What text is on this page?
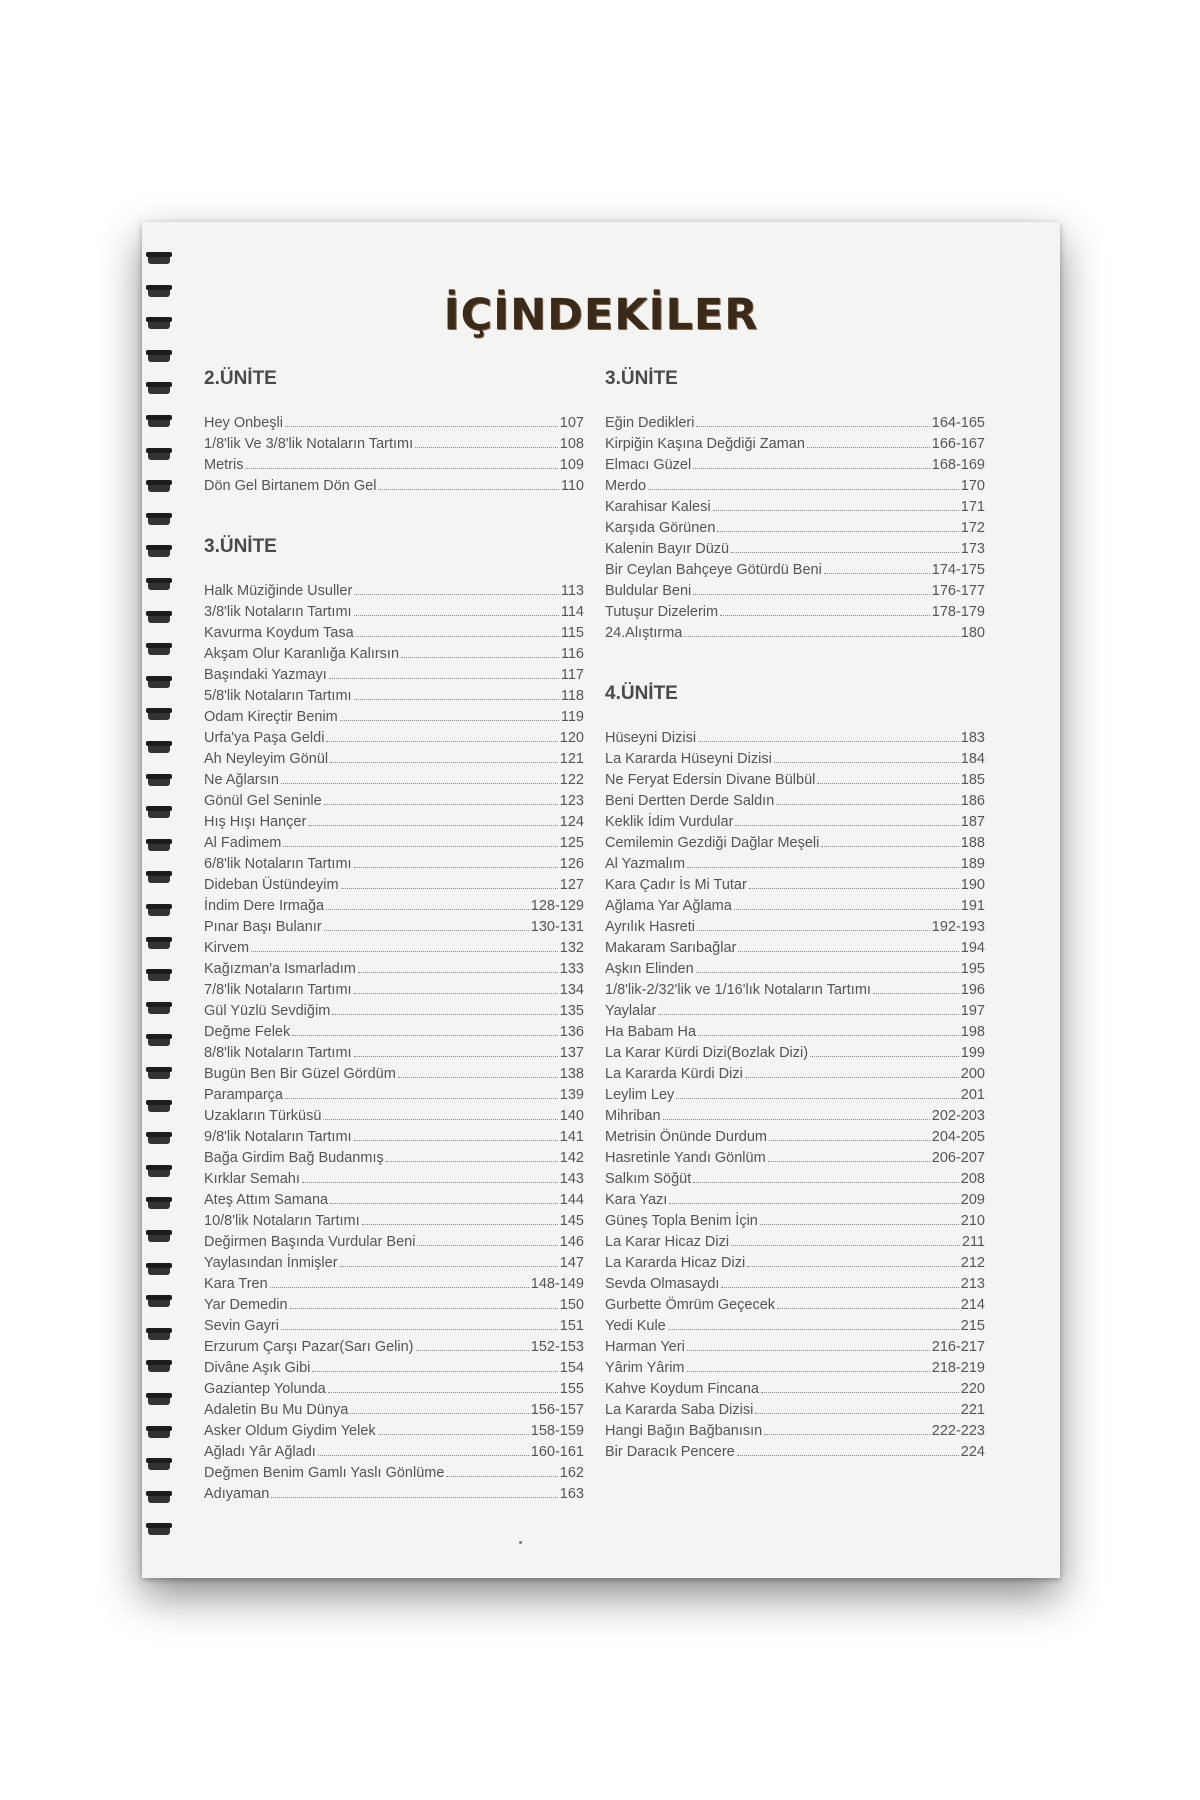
İÇİNDEKİLER
2.ÜNİTE
Hey Onbeşli	107
1/8'lik Ve 3/8'lik Notaların Tartımı	108
Metris	109
Dön Gel Birtanem Dön Gel	110
3.ÜNİTE
Halk Müziğinde Usuller	113
3/8'lik Notaların Tartımı	114
Kavurma Koydum Tasa	115
Akşam Olur Karanlığa Kalırsın	116
Başındaki Yazmayı	117
5/8'lik Notaların Tartımı	118
Odam Kireçtir Benim	119
Urfa'ya Paşa Geldi	120
Ah Neyleyim Gönül	121
Ne Ağlarsın	122
Gönül Gel Seninle	123
Hış Hışı Hançer	124
Al Fadimem	125
6/8'lik Notaların Tartımı	126
Dideban Üstündeyim	127
İndim Dere Irmağa	128-129
Pınar Başı Bulanır	130-131
Kirvem	132
Kağızman'a Ismarladım	133
7/8'lik Notaların Tartımı	134
Gül Yüzlü Sevdiğim	135
Değme Felek	136
8/8'lik Notaların Tartımı	137
Bugün Ben Bir Güzel Gördüm	138
Paramparça	139
Uzakların Türküsü	140
9/8'lik Notaların Tartımı	141
Bağa Girdim Bağ Budanmış	142
Kırklar Semahı	143
Ateş Attım Samana	144
10/8'lik Notaların Tartımı	145
Değirmen Başında Vurdular Beni	146
Yaylasından İnmişler	147
Kara Tren	148-149
Yar Demedin	150
Sevin Gayri	151
Erzurum Çarşı Pazar(Sarı Gelin)	152-153
Divâne Aşık Gibi	154
Gaziantep Yolunda	155
Adaletin Bu Mu Dünya	156-157
Asker Oldum Giydim Yelek	158-159
Ağladı Yâr Ağladı	160-161
Değmen Benim Gamlı Yaslı Gönlüme	162
Adıyaman	163
3.ÜNİTE
Eğin Dedikleri	164-165
Kirpiğin Kaşına Değdiği Zaman	166-167
Elmacı Güzel	168-169
Merdo	170
Karahisar Kalesi	171
Karşıda Görünen	172
Kalenin Bayır Düzü	173
Bir Ceylan Bahçeye Götürdü Beni	174-175
Buldular Beni	176-177
Tutuşur Dizelerim	178-179
24.Alıştırma	180
4.ÜNİTE
Hüseyni Dizisi	183
La Kararda Hüseyni Dizisi	184
Ne Feryat Edersin Divane Bülbül	185
Beni Dertten Derde Saldın	186
Keklik İdim Vurdular	187
Cemilemin Gezdiği Dağlar Meşeli	188
Al Yazmalım	189
Kara Çadır İs Mi Tutar	190
Ağlama Yar Ağlama	191
Ayrılık Hasreti	192-193
Makaram Sarıbağlar	194
Aşkın Elinden	195
1/8'lik-2/32'lik ve 1/16'lık Notaların Tartımı	196
Yaylalar	197
Ha Babam Ha	198
La Karar Kürdi Dizi(Bozlak Dizi)	199
La Kararda Kürdi Dizi	200
Leylim Ley	201
Mihriban	202-203
Metrisin Önünde Durdum	204-205
Hasretinle Yandı Gönlüm	206-207
Salkım Söğüt	208
Kara Yazı	209
Güneş Topla Benim İçin	210
La Karar Hicaz Dizi	211
La Kararda Hicaz Dizi	212
Sevda Olmasaydı	213
Gurbette Ömrüm Geçecek	214
Yedi Kule	215
Harman Yeri	216-217
Yârim Yârim	218-219
Kahve Koydum Fincana	220
La Kararda Saba Dizisi	221
Hangi Bağın Bağbanısın	222-223
Bir Daracık Pencere	224
